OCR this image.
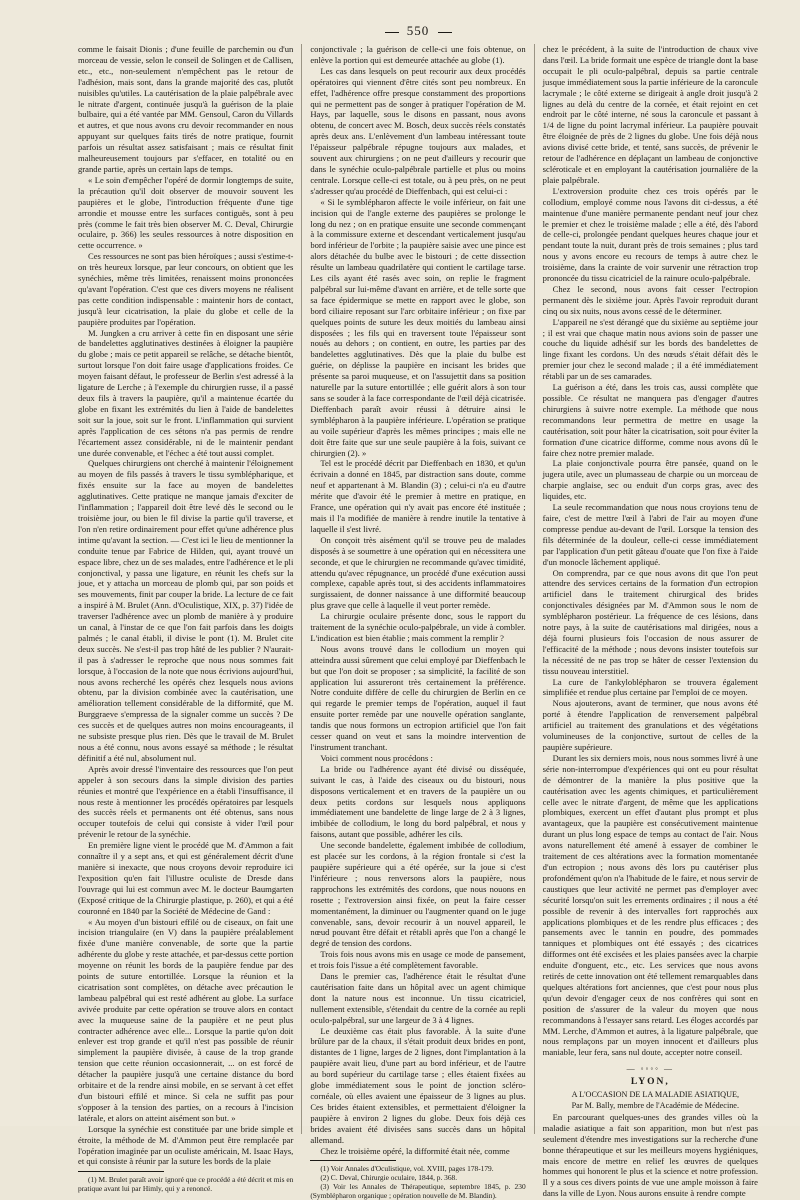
550

comme le faisait Dionis ; d'une feuille de parchemin ou d'un morceau de vessie, selon le conseil de Solingen et de Callisen, etc., etc., non-seulement n'empêchent pas le retour de l'adhésion, mais sont, dans la grande majorité des cas, plutôt nuisibles qu'utiles. La cautérisation de la plaie palpébrale avec le nitrate d'argent, continuée jusqu'à la guérison de la plaie bulbaire, qui a été vantée par MM. Gensoul, Caron du Villards et autres, et que nous avons cru devoir recommander en nous appuyant sur quelques faits tirés de notre pratique, fournit parfois un résultat assez satisfaisant ; mais ce résultat finit malheureusement toujours par s'effacer, en totalité ou en grande partie, après un certain laps de temps.

« Le soin d'empêcher l'opéré de dormir longtemps de suite, la précaution qu'il doit observer de mouvoir souvent les paupières et le globe, l'introduction fréquente d'une tige arrondie et mousse entre les surfaces contiguës, sont à peu près (comme le fait très bien observer M. C. Deval, Chirurgie oculaire, p. 366) les seules ressources à notre disposition en cette occurrence. »

Ces ressources ne sont pas bien héroïques ; aussi s'estime-t-on très heureux lorsque, par leur concours, on obtient que les synéchies, même très limitées, renaissent moins prononcées qu'avant l'opération. C'est que ces divers moyens ne réalisent pas cette condition indispensable : maintenir hors de contact, jusqu'à leur cicatrisation, la plaie du globe et celle de la paupière produites par l'opération.

M. Jungken a cru arriver à cette fin en disposant une série de bandelettes agglutinatives destinées à éloigner la paupière du globe ; mais ce petit appareil se relâche, se détache bientôt, surtout lorsque l'on doit faire usage d'applications froides. Ce moyen faisant défaut, le professeur de Berlin s'est adressé à la ligature de Lerche ; à l'exemple du chirurgien russe, il a passé deux fils à travers la paupière, qu'il a maintenue écartée du globe en fixant les extrémités du lien à l'aide de bandelettes soit sur la joue, soit sur le front. L'inflammation qui survient après l'application de ces sétons n'a pas permis de rendre l'écartement assez considérable, ni de le maintenir pendant une durée convenable, et l'échec a été tout aussi complet.

Quelques chirurgiens ont cherché à maintenir l'éloignement au moyen de fils passés à travers le tissu symblépharique, et fixés ensuite sur la face au moyen de bandelettes agglutinatives. Cette pratique ne manque jamais d'exciter de l'inflammation ; l'appareil doit être levé dès le second ou le troisième jour, ou bien le fil divise la partie qu'il traverse, et l'on n'en retire ordinairement pour effet qu'une adhérence plus intime qu'avant la section. — C'est ici le lieu de mentionner la conduite tenue par Fabrice de Hilden, qui, ayant trouvé un espace libre, chez un de ses malades, entre l'adhérence et le pli conjonctival, y passa une ligature, en réunit les chefs sur la joue, et y attacha un morceau de plomb qui, par son poids et ses mouvements, finit par couper la bride. La lecture de ce fait a inspiré à M. Brulet (Ann. d'Oculistique, XIX, p. 37) l'idée de traverser l'adhérence avec un plomb de manière à y produire un canal, à l'instar de ce que l'on fait parfois dans les doigts palmés ; le canal établi, il divise le pont (1). M. Brulet cite deux succès. Ne s'est-il pas trop hâté de les publier ? N'aurait-il pas à s'adresser le reproche que nous nous sommes fait lorsque, à l'occasion de la note que nous écrivions aujourd'hui, nous avons recherché les opérés chez lesquels nous avions obtenu, par la division combinée avec la cautérisation, une amélioration tellement considérable de la difformité, que M. Burggraeve s'empressa de la signaler comme un succès ? De ces succès et de quelques autres non moins encourageants, il ne subsiste presque plus rien. Dès que le travail de M. Brulet nous a été connu, nous avons essayé sa méthode ; le résultat définitif a été nul, absolument nul.

Après avoir dressé l'inventaire des ressources que l'on peut appeler à son secours dans la simple division des parties réunies et montré que l'expérience en a établi l'insuffisance, il nous reste à mentionner les procédés opératoires par lesquels des succès réels et permanents ont été obtenus, sans nous occuper toutefois de celui qui consiste à vider l'œil pour prévenir le retour de la synéchie.

En première ligne vient le procédé que M. d'Ammon a fait connaître il y a sept ans, et qui est généralement décrit d'une manière si inexacte, que nous croyons devoir reproduire ici l'exposition qu'en fait l'illustre oculiste de Dresde dans l'ouvrage qui lui est commun avec M. le docteur Baumgarten (Exposé critique de la Chirurgie plastique, p. 260), et qui a été couronné en 1840 par la Société de Médecine de Gand :

« Au moyen d'un bistouri effilé ou de ciseaux, on fait une incision triangulaire (en V) dans la paupière préalablement fixée d'une manière convenable, de sorte que la partie adhérente du globe y reste attachée, et par-dessus cette portion moyenne on réunit les bords de la paupière fendue par des points de suture entortillée. Lorsque la réunion et la cicatrisation sont complètes, on détache avec précaution le lambeau palpébral qui est resté adhérent au globe. La surface avivée produite par cette opération se trouve alors en contact avec la muqueuse saine de la paupière et ne peut plus contracter adhérence avec elle... Lorsque la partie qu'on doit enlever est trop grande et qu'il n'est pas possible de réunir simplement la paupière divisée, à cause de la trop grande tension que cette réunion occasionnerait, ... on est forcé de détacher la paupière jusqu'à une certaine distance du bord orbitaire et de la rendre ainsi mobile, en se servant à cet effet d'un bistouri effilé et mince. Si cela ne suffit pas pour s'opposer à la tension des parties, on a recours à l'incision latérale, et alors on atteint aisément son but. »

Lorsque la synéchie est constituée par une bride simple et étroite, la méthode de M. d'Ammon peut être remplacée par l'opération imaginée par un oculiste américain, M. Isaac Hays, et qui consiste à réunir par la suture les bords de la plaie

(1) M. Brulet paraît avoir ignoré que ce procédé a été décrit et mis en pratique avant lui par Himly, qui y a renoncé.

conjonctivale ; la guérison de celle-ci une fois obtenue, on enlève la portion qui est demeurée attachée au globe (1).

Les cas dans lesquels on peut recourir aux deux procédés opératoires qui viennent d'être cités sont peu nombreux. En effet, l'adhérence offre presque constamment des proportions qui ne permettent pas de songer à pratiquer l'opération de M. Hays, par laquelle, sous le disons en passant, nous avons obtenu, de concert avec M. Bosch, deux succès réels constatés après deux ans. L'enlèvement d'un lambeau intéressant toute l'épaisseur palpébrale répugne toujours aux malades, et souvent aux chirurgiens ; on ne peut d'ailleurs y recourir que dans le synéchie oculo-palpébrale partielle et plus ou moins centrale. Lorsque celle-ci est totale, ou à peu près, on ne peut s'adresser qu'au procédé de Dieffenbach, qui est celui-ci :

« Si le symblépharon affecte le voile inférieur, on fait une incision qui de l'angle externe des paupières se prolonge le long du nez ; on en pratique ensuite une seconde commençant à la commissure externe et descendant verticalement jusqu'au bord inférieur de l'orbite ; la paupière saisie avec une pince est alors détachée du bulbe avec le bistouri ; de cette dissection résulte un lambeau quadrilatère qui contient le cartilage tarse. Les cils ayant été rasés avec soin, on replie le fragment palpébral sur lui-même d'avant en arrière, et de telle sorte que sa face épidermique se mette en rapport avec le globe, son bord ciliaire reposant sur l'arc orbitaire inférieur ; on fixe par quelques points de suture les deux moitiés du lambeau ainsi disposées ; les fils qui en traversent toute l'épaisseur sont noués au dehors ; on contient, en outre, les parties par des bandelettes agglutinatives. Dès que la plaie du bulbe est guérie, on déplisse la paupière en incisant les brides que présente sa paroi muqueuse, et on l'assujettit dans sa position naturelle par la suture entortillée ; elle guérit alors à son tour sans se souder à la face correspondante de l'œil déjà cicatrisée. Dieffenbach paraît avoir réussi à détruire ainsi le symblépharon à la paupière inférieure. L'opération se pratique au voile supérieur d'après les mêmes principes ; mais elle ne doit être faite que sur une seule paupière à la fois, suivant ce chirurgien (2). »

Tel est le procédé décrit par Dieffenbach en 1830, et qu'un écrivain a donné en 1845, par distraction sans doute, comme neuf et appartenant à M. Blandin (3) ; celui-ci n'a eu d'autre mérite que d'avoir été le premier à mettre en pratique, en France, une opération qui n'y avait pas encore été instituée ; mais il l'a modifiée de manière à rendre inutile la tentative à laquelle il s'est livré.

On conçoit très aisément qu'il se trouve peu de malades disposés à se soumettre à une opération qui en nécessitera une seconde, et que le chirurgien ne recommande qu'avec timidité, attendu qu'avec répugnance, un procédé d'une exécution aussi complexe, capable après tout, si des accidents inflammatoires surgissaient, de donner naissance à une difformité beaucoup plus grave que celle à laquelle il veut porter remède.

La chirurgie oculaire présente donc, sous le rapport du traitement de la synéchie oculo-palpébrale, un vide à combler. L'indication est bien établie ; mais comment la remplir ?

Nous avons trouvé dans le collodium un moyen qui atteindra aussi sûrement que celui employé par Dieffenbach le but que l'on doit se proposer ; sa simplicité, la facilité de son application lui assureront très certainement la préférence. Notre conduite diffère de celle du chirurgien de Berlin en ce qui regarde le premier temps de l'opération, auquel il faut ensuite porter remède par une nouvelle opération sanglante, tandis que nous formons un ectropion artificiel que l'on fait cesser quand on veut et sans la moindre intervention de l'instrument tranchant.

Voici comment nous procédons :

La bride ou l'adhérence ayant été divisé ou disséquée, suivant le cas, à l'aide des ciseaux ou du bistouri, nous disposons verticalement et en travers de la paupière un ou deux petits cordons sur lesquels nous appliquons immédiatement une bandelette de linge large de 2 à 3 lignes, imbibée de collodium, le long du bord palpébral, et nous y faisons, autant que possible, adhérer les cils.

Une seconde bandelette, également imbibée de collodium, est placée sur les cordons, à la région frontale si c'est la paupière supérieure qui a été opérée, sur la joue si c'est l'inférieure ; nous renversons alors la paupière, nous rapprochons les extrémités des cordons, que nous nouons en rosette ; l'extroversion ainsi fixée, on peut la faire cesser momentanément, la diminuer ou l'augmenter quand on le juge convenable, sans, devoir recourir à un nouvel appareil, le nœud pouvant être défait et rétabli après que l'on a changé le degré de tension des cordons.

Trois fois nous avons mis en usage ce mode de pansement, et trois fois l'issue a été complètement favorable.

Dans le premier cas, l'adhérence était le résultat d'une cautérisation faite dans un hôpital avec un agent chimique dont la nature nous est inconnue. Un tissu cicatriciel, nullement extensible, s'étendait du centre de la cornée au repli oculo-palpébral, sur une largeur de 3 à 4 lignes.

Le deuxième cas était plus favorable. À la suite d'une brûlure par de la chaux, il s'était produit deux brides en pont, distantes de 1 ligne, larges de 2 lignes, dont l'implantation à la paupière avait lieu, d'une part au bord inférieur, et de l'autre au bord supérieur du cartilage tarse ; elles étaient fixées au globe immédiatement sous le point de jonction scléro-cornéale, où elles avaient une épaisseur de 3 lignes au plus. Ces brides étaient extensibles, et permettaient d'éloigner la paupière à environ 2 lignes du globe. Deux fois déjà ces brides avaient été divisées sans succès dans un hôpital allemand.

Chez le troisième opéré, la difformité était née, comme

(1) Voir Annales d'Oculistique, vol. XVIII, pages 178-179.

(2) C. Deval, Chirurgie oculaire, 1844, p. 368.

(3) Voir les Annales de Thérapeutique, septembre 1845, p. 230 (Symblépharon organique ; opération nouvelle de M. Blandin).

chez le précédent, à la suite de l'introduction de chaux vive dans l'œil. La bride formait une espèce de triangle dont la base occupait le pli oculo-palpébral, depuis sa partie centrale jusque immédiatement sous la partie inférieure de la caroncule lacrymale ; le côté externe se dirigeait à angle droit jusqu'à 2 lignes au delà du centre de la cornée, et était rejoint en cet endroit par le côté interne, né sous la caroncule et passant à 1/4 de ligne du point lacrymal inférieur. La paupière pouvait être éloignée de près de 2 lignes du globe. Une fois déjà nous avions divisé cette bride, et tenté, sans succès, de prévenir le retour de l'adhérence en déplaçant un lambeau de conjonctive scléroticale et en employant la cautérisation journalière de la plaie palpébrale.

L'extroversion produite chez ces trois opérés par le collodium, employé comme nous l'avons dit ci-dessus, a été maintenue d'une manière permanente pendant neuf jour chez le premier et chez le troisième malade ; elle a été, dès l'abord de celle-ci, prolongée pendant quelques heures chaque jour et pendant toute la nuit, durant près de trois semaines ; plus tard nous y avons encore eu recours de temps à autre chez le troisième, dans la crainte de voir survenir une rétraction trop prononcée du tissu cicatriciel de la rainure oculo-palpébrale.

Chez le second, nous avons fait cesser l'ectropion permanent dès le sixième jour. Après l'avoir reproduit durant cinq ou six nuits, nous avons cessé de le déterminer.

L'appareil ne s'est dérangé que du sixième au septième jour ; il est vrai que chaque matin nous avions soin de passer une couche du liquide adhésif sur les bords des bandelettes de linge fixant les cordons. Un des nœuds s'était défait dès le premier jour chez le second malade ; il a été immédiatement rétabli par un de ses camarades.

La guérison a été, dans les trois cas, aussi complète que possible. Ce résultat ne manquera pas d'engager d'autres chirurgiens à suivre notre exemple. La méthode que nous recommandons leur permettra de mettre en usage la cautérisation, soit pour hâter la cicatrisation, soit pour éviter la formation d'une cicatrice difforme, comme nous avons dû le faire chez notre premier malade.

La plaie conjonctivale pourra être pansée, quand on le jugera utile, avec un plumasseau de charpie ou un morceau de charpie anglaise, sec ou enduit d'un corps gras, avec des liquides, etc.

La seule recommandation que nous nous croyions tenu de faire, c'est de mettre l'œil à l'abri de l'air au moyen d'une compresse pendue au-devant de l'œil. Lorsque la tension des fils déterminée de la douleur, celle-ci cesse immédiatement par l'application d'un petit gâteau d'ouate que l'on fixe à l'aide d'un monocle lâchement appliqué.

On comprendra, par ce que nous avons dit que l'on peut attendre des services certains de la formation d'un ectropion artificiel dans le traitement chirurgical des brides conjonctivales désignées par M. d'Ammon sous le nom de symblépharon postérieur. La fréquence de ces lésions, dans notre pays, à la suite de cautérisations mal dirigées, nous a déjà fourni plusieurs fois l'occasion de nous assurer de l'efficacité de la méthode ; nous devons insister toutefois sur la nécessité de ne pas trop se hâter de cesser l'extension du tissu nouveau interstitiel.

La cure de l'ankyloblépharon se trouvera également simplifiée et rendue plus certaine par l'emploi de ce moyen.

Nous ajouterons, avant de terminer, que nous avons été porté à étendre l'application de renversement palpébral artificiel au traitement des granulations et des végétations volumineuses de la conjonctive, surtout de celles de la paupière supérieure.

Durant les six derniers mois, nous nous sommes livré à une série non-interrompue d'expériences qui ont eu pour résultat de démontrer de la manière la plus positive que la cautérisation avec les agents chimiques, et particulièrement celle avec le nitrate d'argent, de même que les applications plombiques, exercent un effet d'autant plus prompt et plus avantageux, que la paupière est consécutivement maintenue durant un plus long espace de temps au contact de l'air. Nous avons naturellement été amené à essayer de combiner le traitement de ces altérations avec la formation momentanée d'un ectropion ; nous avons dès lors pu cautériser plus profondément qu'on n'a l'habitude de le faire, et nous servir de caustiques que leur activité ne permet pas d'employer avec sécurité lorsqu'on suit les errements ordinaires ; il nous a été possible de revenir à des intervalles fort rapprochés aux applications plombiques et de les rendre plus efficaces ; des pansements avec le tannin en poudre, des pommades tanniques et plombiques ont été essayés ; des cicatrices difformes ont été excisées et les plaies pansées avec la charpie enduite d'onguent, etc., etc. Les services que nous avons retirés de cette innovation ont été tellement remarquables dans quelques altérations fort anciennes, que c'est pour nous plus qu'un devoir d'engager ceux de nos confrères qui sont en position de s'assurer de la valeur du moyen que nous recommandons à l'essayer sans retard. Les éloges accordés par MM. Lerche, d'Ammon et autres, à la ligature palpébrale, que nous remplaçons par un moyen innocent et d'ailleurs plus maniable, leur fera, sans nul doute, accepter notre conseil.

— ◦◦◦◦ —
LYON,

A L'OCCASION DE LA MALADIE ASIATIQUE,

Par M. Bally, membre de l'Académie de Médecine.

En parcourant quelques-unes des grandes villes où la maladie asiatique a fait son apparition, mon but n'est pas seulement d'étendre mes investigations sur la recherche d'une bonne thérapeutique et sur les meilleurs moyens hygiéniques, mais encore de mettre en relief les œuvres de quelques hommes qui honorent le plus et la science et notre profession. Il y a sous ces divers points de vue une ample moisson à faire dans la ville de Lyon. Nous aurons ensuite à rendre compte
